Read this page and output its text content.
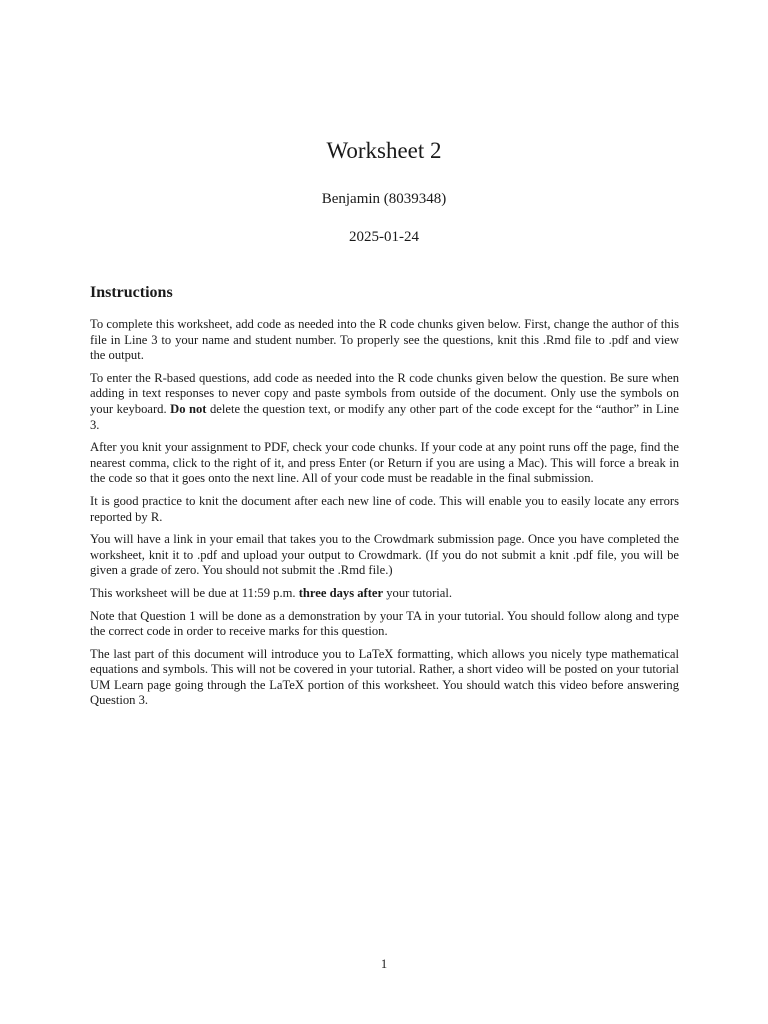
Worksheet 2
Benjamin (8039348)
2025-01-24
Instructions

To complete this worksheet, add code as needed into the R code chunks given below. First, change the author of this file in Line 3 to your name and student number. To properly see the questions, knit this .Rmd file to .pdf and view the output.

To enter the R-based questions, add code as needed into the R code chunks given below the question. Be sure when adding in text responses to never copy and paste symbols from outside of the document. Only use the symbols on your keyboard. Do not delete the question text, or modify any other part of the code except for the “author” in Line 3.

After you knit your assignment to PDF, check your code chunks. If your code at any point runs off the page, find the nearest comma, click to the right of it, and press Enter (or Return if you are using a Mac). This will force a break in the code so that it goes onto the next line. All of your code must be readable in the final submission.

It is good practice to knit the document after each new line of code. This will enable you to easily locate any errors reported by R.

You will have a link in your email that takes you to the Crowdmark submission page. Once you have completed the worksheet, knit it to .pdf and upload your output to Crowdmark. (If you do not submit a knit .pdf file, you will be given a grade of zero. You should not submit the .Rmd file.)

This worksheet will be due at 11:59 p.m. three days after your tutorial.

Note that Question 1 will be done as a demonstration by your TA in your tutorial. You should follow along and type the correct code in order to receive marks for this question.

The last part of this document will introduce you to LaTeX formatting, which allows you nicely type mathematical equations and symbols. This will not be covered in your tutorial. Rather, a short video will be posted on your tutorial UM Learn page going through the LaTeX portion of this worksheet. You should watch this video before answering Question 3.

1
